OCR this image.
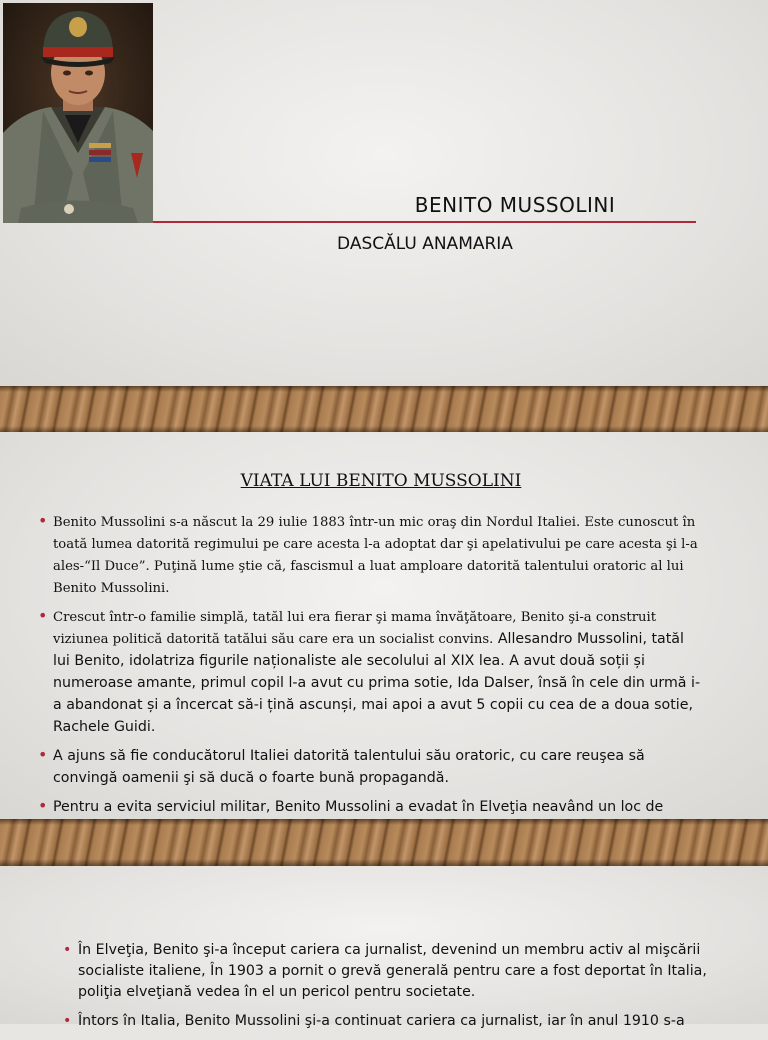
BENITO MUSSOLINI
DASCĂLU ANAMARIA
VIATA LUI BENITO MUSSOLINI
• Benito Mussolini s-a născut la 29 iulie 1883 într-un mic oraş din Nordul Italiei. Este cunoscut în toată lumea datorită regimului pe care acesta l-a adoptat dar şi apelativului pe care acesta şi l-a ales-“Il Duce”. Puţină lume ştie că, fascismul a luat amploare datorită talentului oratoric al lui Benito Mussolini.
• Crescut într-o familie simplă, tatăl lui era fierar şi mama învăţătoare, Benito şi-a construit viziunea politică datorită tatălui său care era un socialist convins. Allesandro Mussolini, tatăl lui Benito, idolatriza figurile naționaliste ale secolului al XIX lea. A avut două soții și numeroase amante, primul copil l-a avut cu prima sotie, Ida Dalser, însă în cele din urmă i-a abandonat și a încercat să-i țină ascunși, mai apoi a avut 5 copii cu cea de a doua sotie, Rachele Guidi.
• A ajuns să fie conducătorul Italiei datorită talentului său oratoric, cu care reuşea să convingă oamenii şi să ducă o foarte bună propagandă.
• Pentru a evita serviciul militar, Benito Mussolini a evadat în Elveţia neavând un loc de
• În Elveţia, Benito şi-a început cariera ca jurnalist, devenind un membru activ al mişcării socialiste italiene, În 1903 a pornit o grevă generală pentru care a fost deportat în Italia, poliţia elveţiană vedea în el un pericol pentru societate.
• Întors în Italia, Benito Mussolini şi-a continuat cariera ca jurnalist, iar în anul 1910 s-a
